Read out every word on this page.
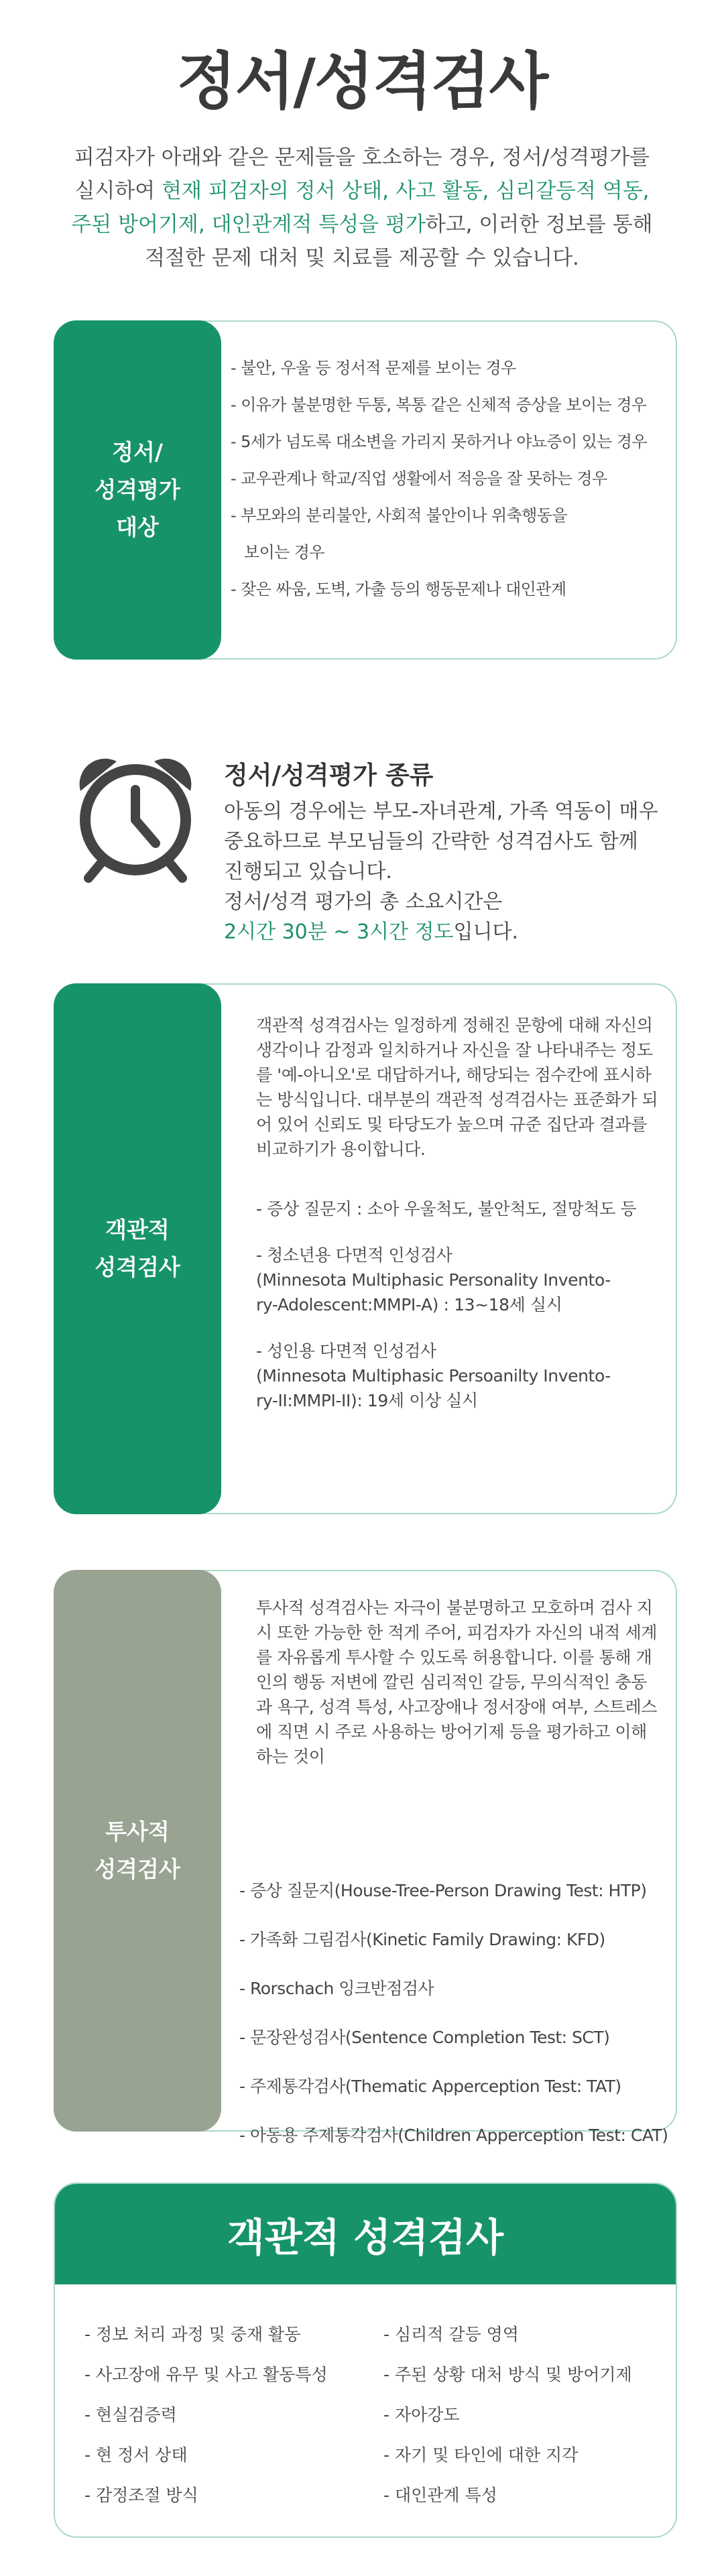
정서/성격검사
피검자가 아래와 같은 문제들을 호소하는 경우, 정서/성격평가를
실시하여 현재 피검자의 정서 상태, 사고 활동, 심리갈등적 역동,
주된 방어기제, 대인관계적 특성을 평가하고, 이러한 정보를 통해
적절한 문제 대처 및 치료를 제공할 수 있습니다.
정서/
성격평가
대상
- 불안, 우울 등 정서적 문제를 보이는 경우
- 이유가 불분명한 두통, 복통 같은 신체적 증상을 보이는 경우
- 5세가 넘도록 대소변을 가리지 못하거나 야뇨증이 있는 경우
- 교우관계나 학교/직업 생활에서 적응을 잘 못하는 경우
- 부모와의 분리불안, 사회적 불안이나 위축행동을
보이는 경우
- 잦은 싸움, 도벽, 가출 등의 행동문제나 대인관계
정서/성격평가 종류
아동의 경우에는 부모-자녀관계, 가족 역동이 매우
중요하므로 부모님들의 간략한 성격검사도 함께
진행되고 있습니다.
정서/성격 평가의 총 소요시간은
2시간 30분 ~ 3시간 정도입니다.
객관적
성격검사
객관적 성격검사는 일정하게 정해진 문항에 대해 자신의 생각이나 감정과 일치하거나 자신을 잘 나타내주는 정도를 '예-아니오'로 대답하거나, 해당되는 점수칸에 표시하는 방식입니다. 대부분의 객관적 성격검사는 표준화가 되어 있어 신뢰도 및 타당도가 높으며 규준 집단과 결과를 비교하기가 용이합니다.
- 증상 질문지 : 소아 우울척도, 불안척도, 절망척도 등
- 청소년용 다면적 인성검사
(Minnesota Multiphasic Personality Invento-
ry-Adolescent:MMPI-A) : 13~18세 실시
- 성인용 다면적 인성검사
(Minnesota Multiphasic Persoanilty Invento-
ry-II:MMPI-II): 19세 이상 실시
투사적
성격검사
투사적 성격검사는 자극이 불분명하고 모호하며 검사 지시 또한 가능한 한 적게 주어, 피검자가 자신의 내적 세계를 자유롭게 투사할 수 있도록 허용합니다. 이를 통해 개인의 행동 저변에 깔린 심리적인 갈등, 무의식적인 충동과 욕구, 성격 특성, 사고장애나 정서장애 여부, 스트레스에 직면 시 주로 사용하는 방어기제 등을 평가하고 이해하는 것이
- 증상 질문지(House-Tree-Person Drawing Test: HTP)
- 가족화 그림검사(Kinetic Family Drawing: KFD)
- Rorschach 잉크반점검사
- 문장완성검사(Sentence Completion Test: SCT)
- 주제통각검사(Thematic Apperception Test: TAT)
- 아동용 주제통각검사(Children Apperception Test: CAT)
객관적 성격검사
- 정보 처리 과정 및 중재 활동
- 사고장애 유무 및 사고 활동특성
- 현실검증력
- 현 정서 상태
- 감정조절 방식
- 심리적 갈등 영역
- 주된 상황 대처 방식 및 방어기제
- 자아강도
- 자기 및 타인에 대한 지각
- 대인관계 특성
